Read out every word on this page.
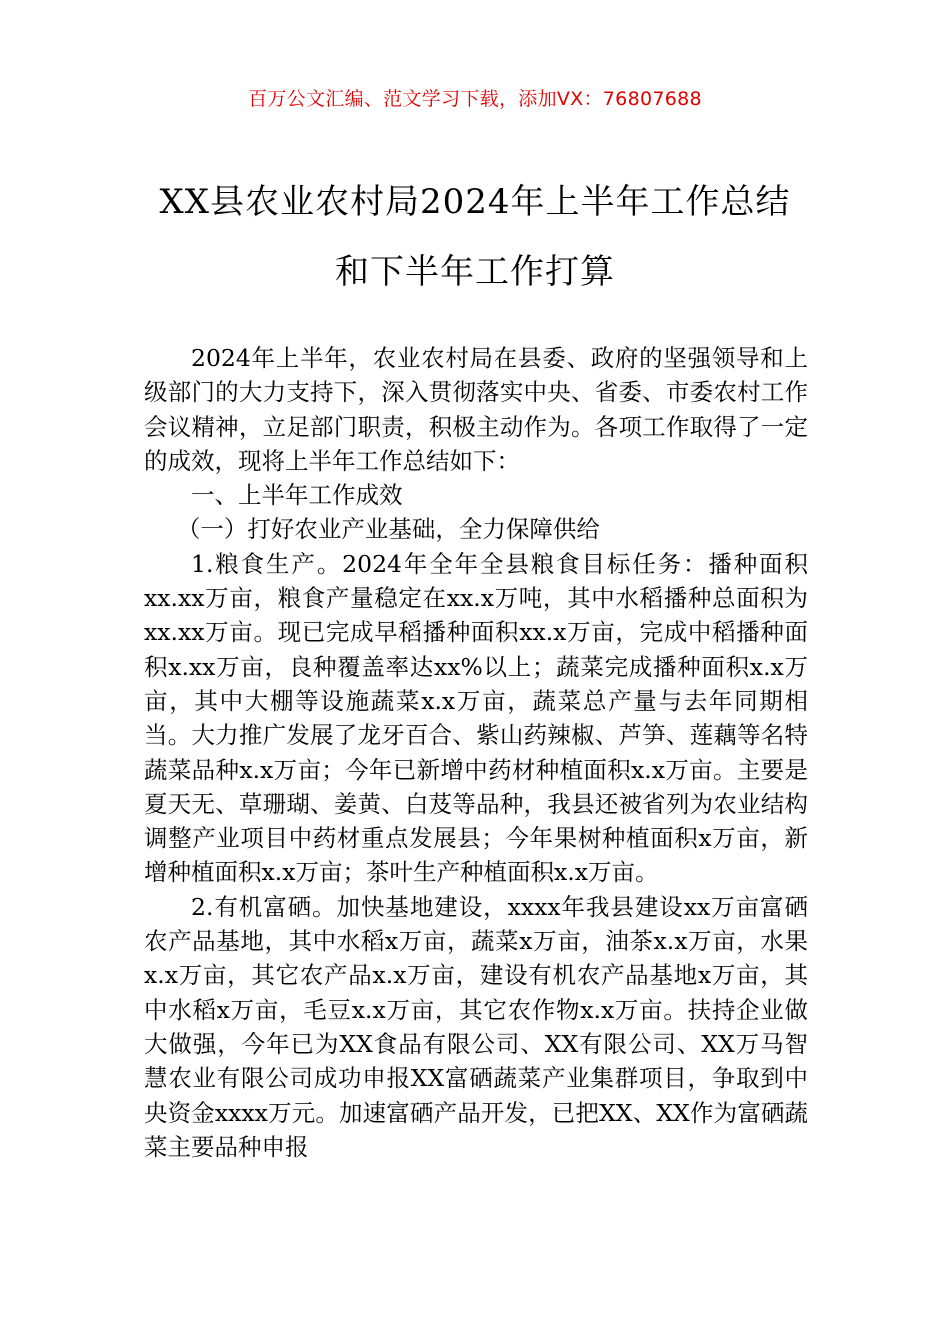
百万公文汇编、范文学习下载，添加VX：76807688
XX县农业农村局2024年上半年工作总结
和下半年工作打算

2024年上半年，农业农村局在县委、政府的坚强领导和上级部门的大力支持下，深入贯彻落实中央、省委、市委农村工作会议精神，立足部门职责，积极主动作为。各项工作取得了一定的成效，现将上半年工作总结如下：

一、上半年工作成效

（一）打好农业产业基础，全力保障供给

1.粮食生产。2024年全年全县粮食目标任务：播种面积xx.xx万亩，粮食产量稳定在xx.x万吨，其中水稻播种总面积为xx.xx万亩。现已完成早稻播种面积xx.x万亩，完成中稻播种面积x.xx万亩，良种覆盖率达xx%以上；蔬菜完成播种面积x.x万亩，其中大棚等设施蔬菜x.x万亩，蔬菜总产量与去年同期相当。大力推广发展了龙牙百合、紫山药辣椒、芦笋、莲藕等名特蔬菜品种x.x万亩；今年已新增中药材种植面积x.x万亩。主要是夏天无、草珊瑚、姜黄、白芨等品种，我县还被省列为农业结构调整产业项目中药材重点发展县；今年果树种植面积x万亩，新增种植面积x.x万亩；茶叶生产种植面积x.x万亩。

2.有机富硒。加快基地建设，xxxx年我县建设xx万亩富硒农产品基地，其中水稻x万亩，蔬菜x万亩，油茶x.x万亩，水果x.x万亩，其它农产品x.x万亩，建设有机农产品基地x万亩，其中水稻x万亩，毛豆x.x万亩，其它农作物x.x万亩。扶持企业做大做强，今年已为XX食品有限公司、XX有限公司、XX万马智慧农业有限公司成功申报XX富硒蔬菜产业集群项目，争取到中央资金xxxx万元。加速富硒产品开发，已把XX、XX作为富硒蔬菜主要品种申报
